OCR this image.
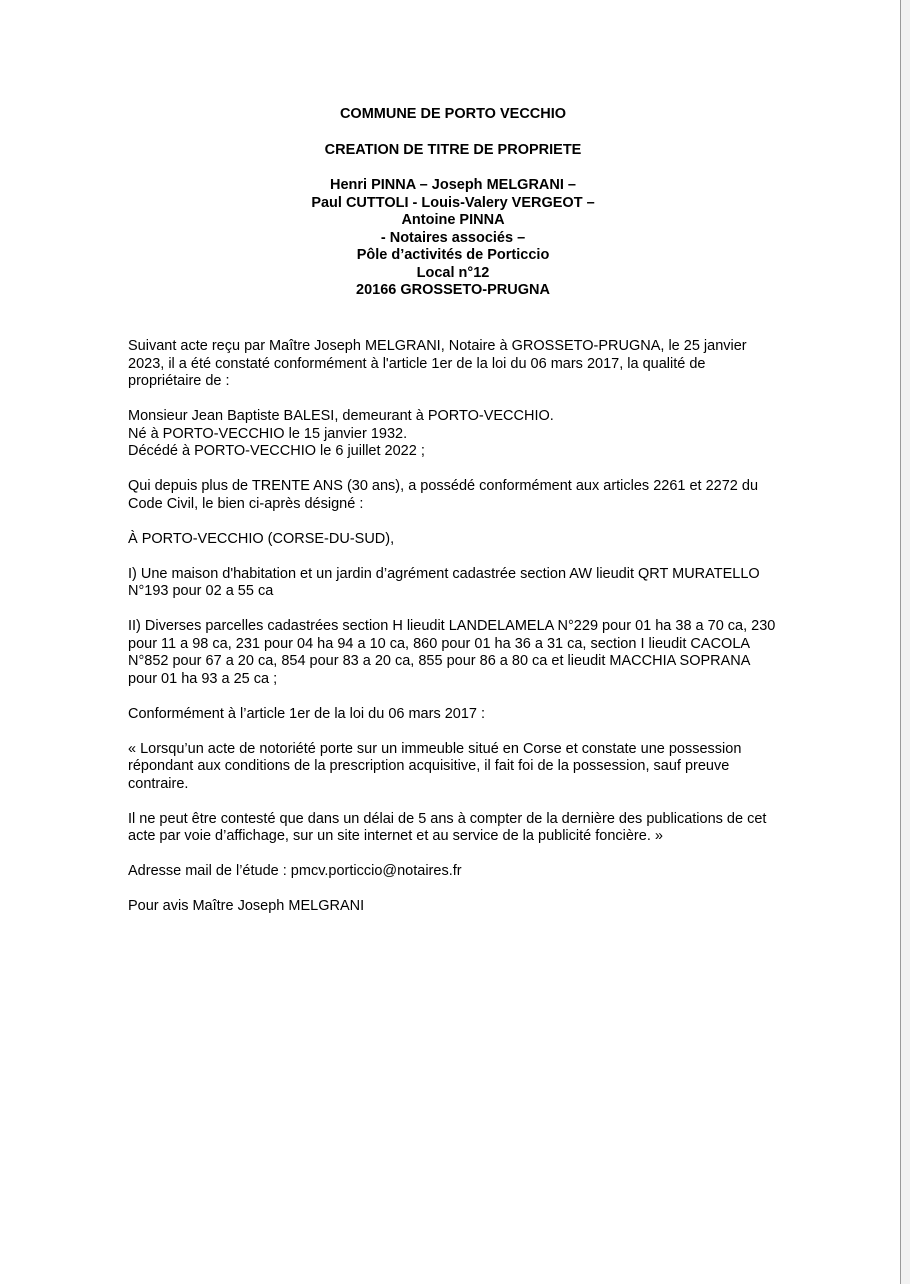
COMMUNE DE PORTO VECCHIO
CREATION DE TITRE DE PROPRIETE
Henri PINNA – Joseph MELGRANI –
Paul CUTTOLI - Louis-Valery VERGEOT –
Antoine PINNA
- Notaires associés –
Pôle d’activités de Porticcio
Local n°12
20166 GROSSETO-PRUGNA

Suivant acte reçu par Maître Joseph MELGRANI, Notaire à GROSSETO-PRUGNA, le 25 janvier 2023, il a été constaté conformément à l'article 1er de la loi du 06 mars 2017, la qualité de propriétaire de :

Monsieur Jean Baptiste BALESI, demeurant à PORTO-VECCHIO.
Né à PORTO-VECCHIO le 15 janvier 1932.
Décédé à PORTO-VECCHIO le 6 juillet 2022 ;

Qui depuis plus de TRENTE ANS (30 ans), a possédé conformément aux articles 2261 et 2272 du Code Civil, le bien ci-après désigné :

À PORTO-VECCHIO (CORSE-DU-SUD),

I) Une maison d'habitation et un jardin d’agrément cadastrée section AW lieudit QRT MURATELLO N°193 pour 02 a 55 ca

II) Diverses parcelles cadastrées section H lieudit LANDELAMELA N°229 pour 01 ha 38 a 70 ca, 230 pour 11 a 98 ca, 231 pour 04 ha 94 a 10 ca, 860 pour 01 ha 36 a 31 ca, section I lieudit CACOLA N°852 pour 67 a 20 ca, 854 pour 83 a 20 ca, 855 pour 86 a 80 ca et lieudit MACCHIA SOPRANA pour 01 ha 93 a 25 ca ;

Conformément à l’article 1er de la loi du 06 mars 2017 :

« Lorsqu’un acte de notoriété porte sur un immeuble situé en Corse et constate une possession répondant aux conditions de la prescription acquisitive, il fait foi de la possession, sauf preuve contraire.

Il ne peut être contesté que dans un délai de 5 ans à compter de la dernière des publications de cet acte par voie d’affichage, sur un site internet et au service de la publicité foncière. »

Adresse mail de l’étude : pmcv.porticcio@notaires.fr

Pour avis Maître Joseph MELGRANI
